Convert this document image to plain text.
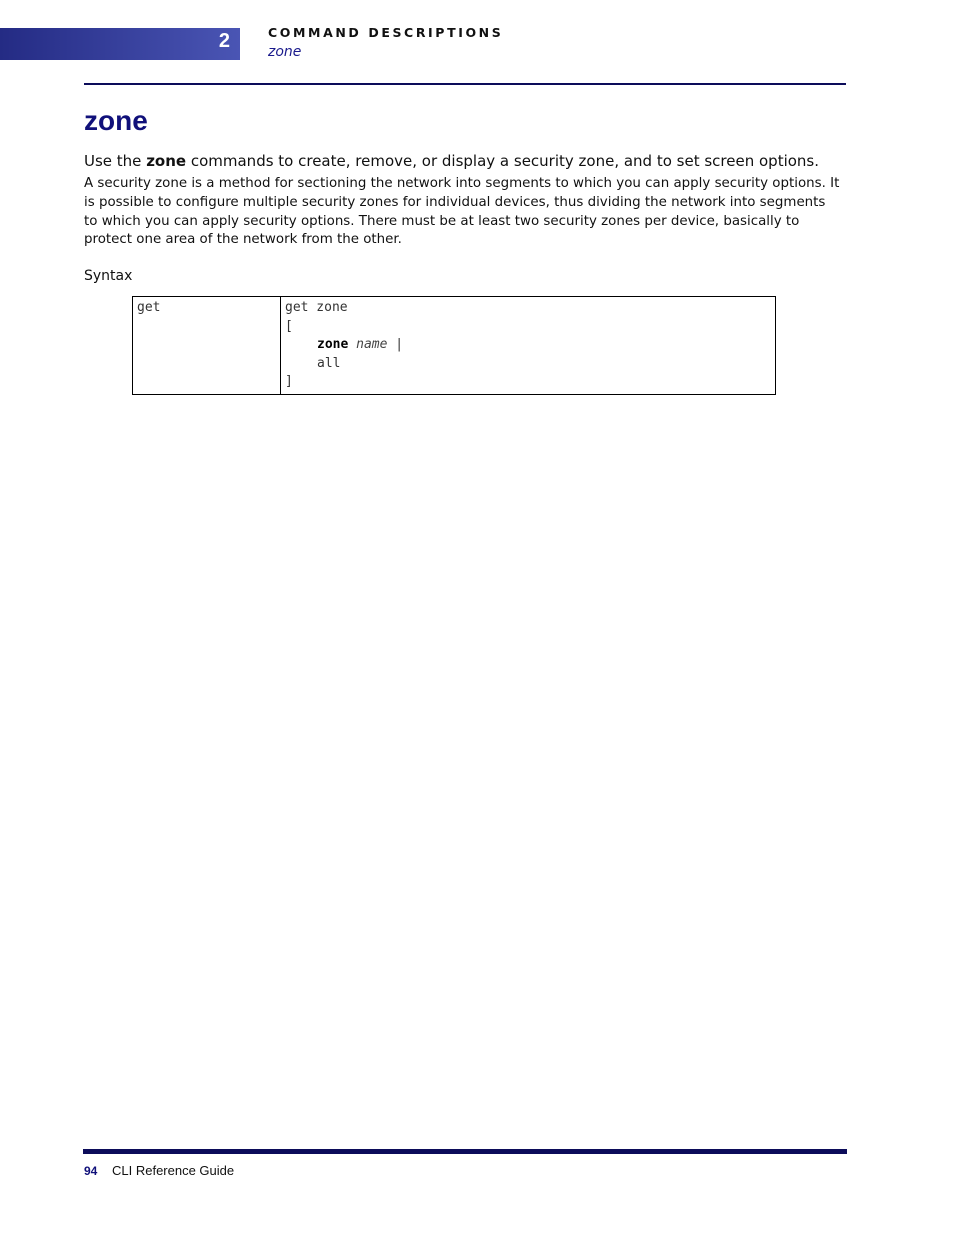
2	COMMAND DESCRIPTIONS
zone
zone

Use the zone commands to create, remove, or display a security zone, and to set screen options.

A security zone is a method for sectioning the network into segments to which you can apply security options. It is possible to configure multiple security zones for individual devices, thus dividing the network into segments to which you can apply security options. There must be at least two security zones per device, basically to protect one area of the network from the other.

Syntax

get	get zone
[
zone name |
all
]
94 CLI Reference Guide
